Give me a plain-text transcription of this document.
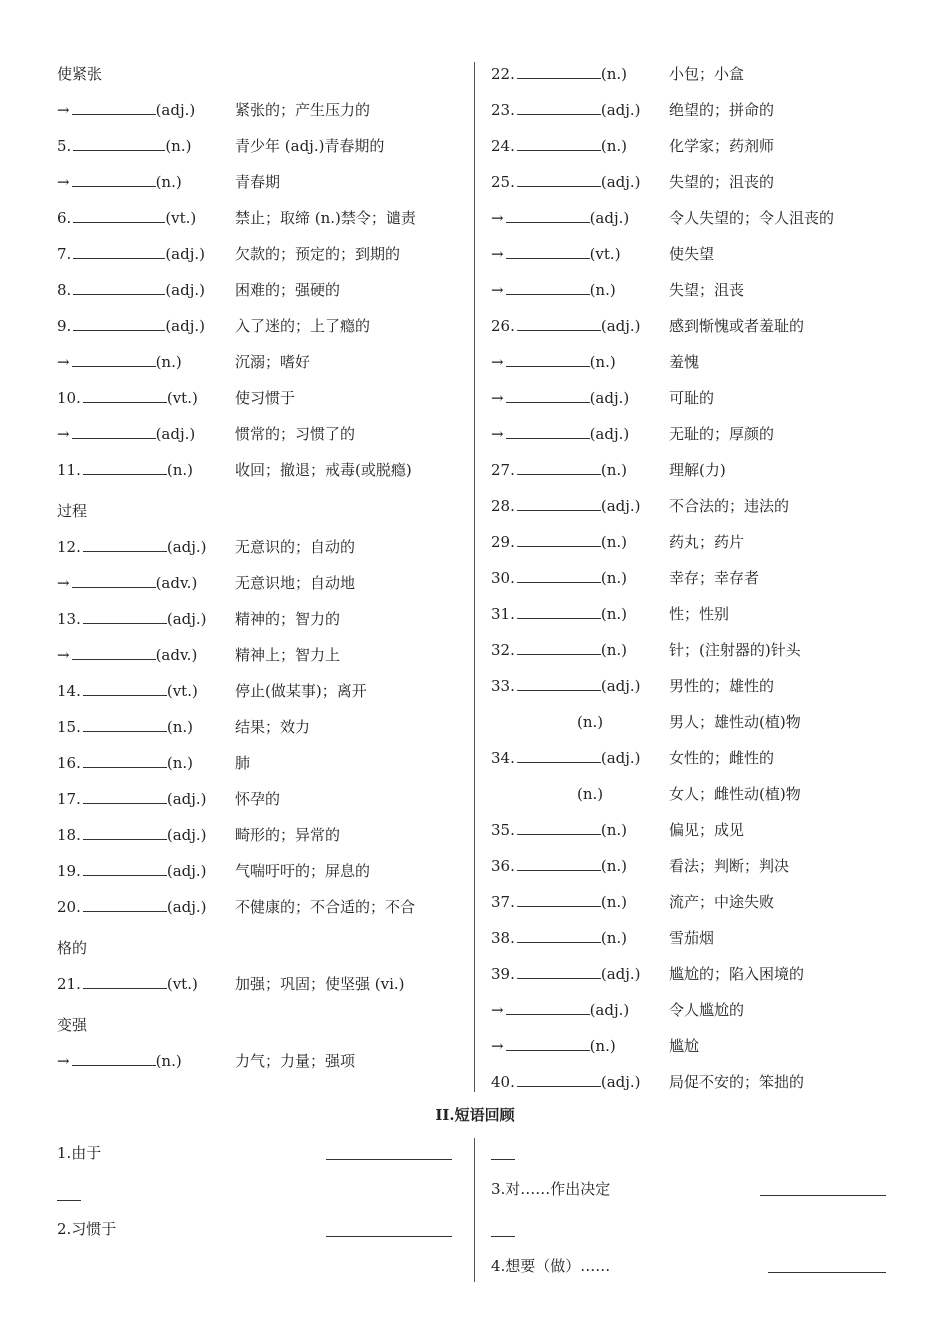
使紧张
→	(adj.)	紧张的；产生压力的
5.	(n.)	青少年 (adj.)青春期的
→	(n.)	青春期
6.	(vt.)	禁止；取缔 (n.)禁令；谴责
7.	(adj.) 欠款的；预定的；到期的
8.	(adj.) 困难的；强硬的
9.	(adj.) 入了迷的；上了瘾的
→	(n.)	沉溺；嗜好
10.	(vt.) 使习惯于
→	(adj.)	惯常的；习惯了的
11.	(n.)	收回；撤退；戒毒(或脱瘾)
过程
12.	(adj.) 无意识的；自动的
→	(adv.)	无意识地；自动地
13.	(adj.) 精神的；智力的
→	(adv.)	精神上；智力上
14.	(vt.) 停止(做某事)；离开
15.	(n.)	结果；效力
16.	(n.)	肺
17.	(adj.) 怀孕的
18.	(adj.) 畸形的；异常的
19.	(adj.) 气喘吁吁的；屏息的
20.	(adj.) 不健康的；不合适的；不合
格的
21.	(vt.) 加强；巩固；使坚强 (vi.)
变强
→	(n.)	力气；力量；强项
22.	(n.)	小包；小盒
23.	(adj.) 绝望的；拼命的
24.	(n.)	化学家；药剂师
25.	(adj.) 失望的；沮丧的
→	(adj.)	令人失望的；令人沮丧的
→	(vt.)	使失望
→	(n.)	失望；沮丧
26.	(adj.) 感到惭愧或者羞耻的
→	(n.)	羞愧
→	(adj.)	可耻的
→	(adj.)	无耻的；厚颜的
27.	(n.)	理解(力)
28.	(adj.) 不合法的；违法的
29.	(n.)	药丸；药片
30.	(n.)	幸存；幸存者
31.	(n.)	性；性别
32.	(n.)	针；(注射器的)针头
33.	(adj.) 男性的；雄性的
(n.)	男人；雄性动(植)物
34.	(adj.) 女性的；雌性的
(n.)	女人；雌性动(植)物
35.	(n.)	偏见；成见
36.	(n.)	看法；判断；判决
37.	(n.)	流产；中途失败
38.	(n.)	雪茄烟
39.	(adj.) 尴尬的；陷入困境的
→	(adj.)	令人尴尬的
→	(n.)	尴尬
40.	(adj.) 局促不安的；笨拙的
II.短语回顾
1.由于
2.习惯于
3.对……作出决定
4.想要（做）……
